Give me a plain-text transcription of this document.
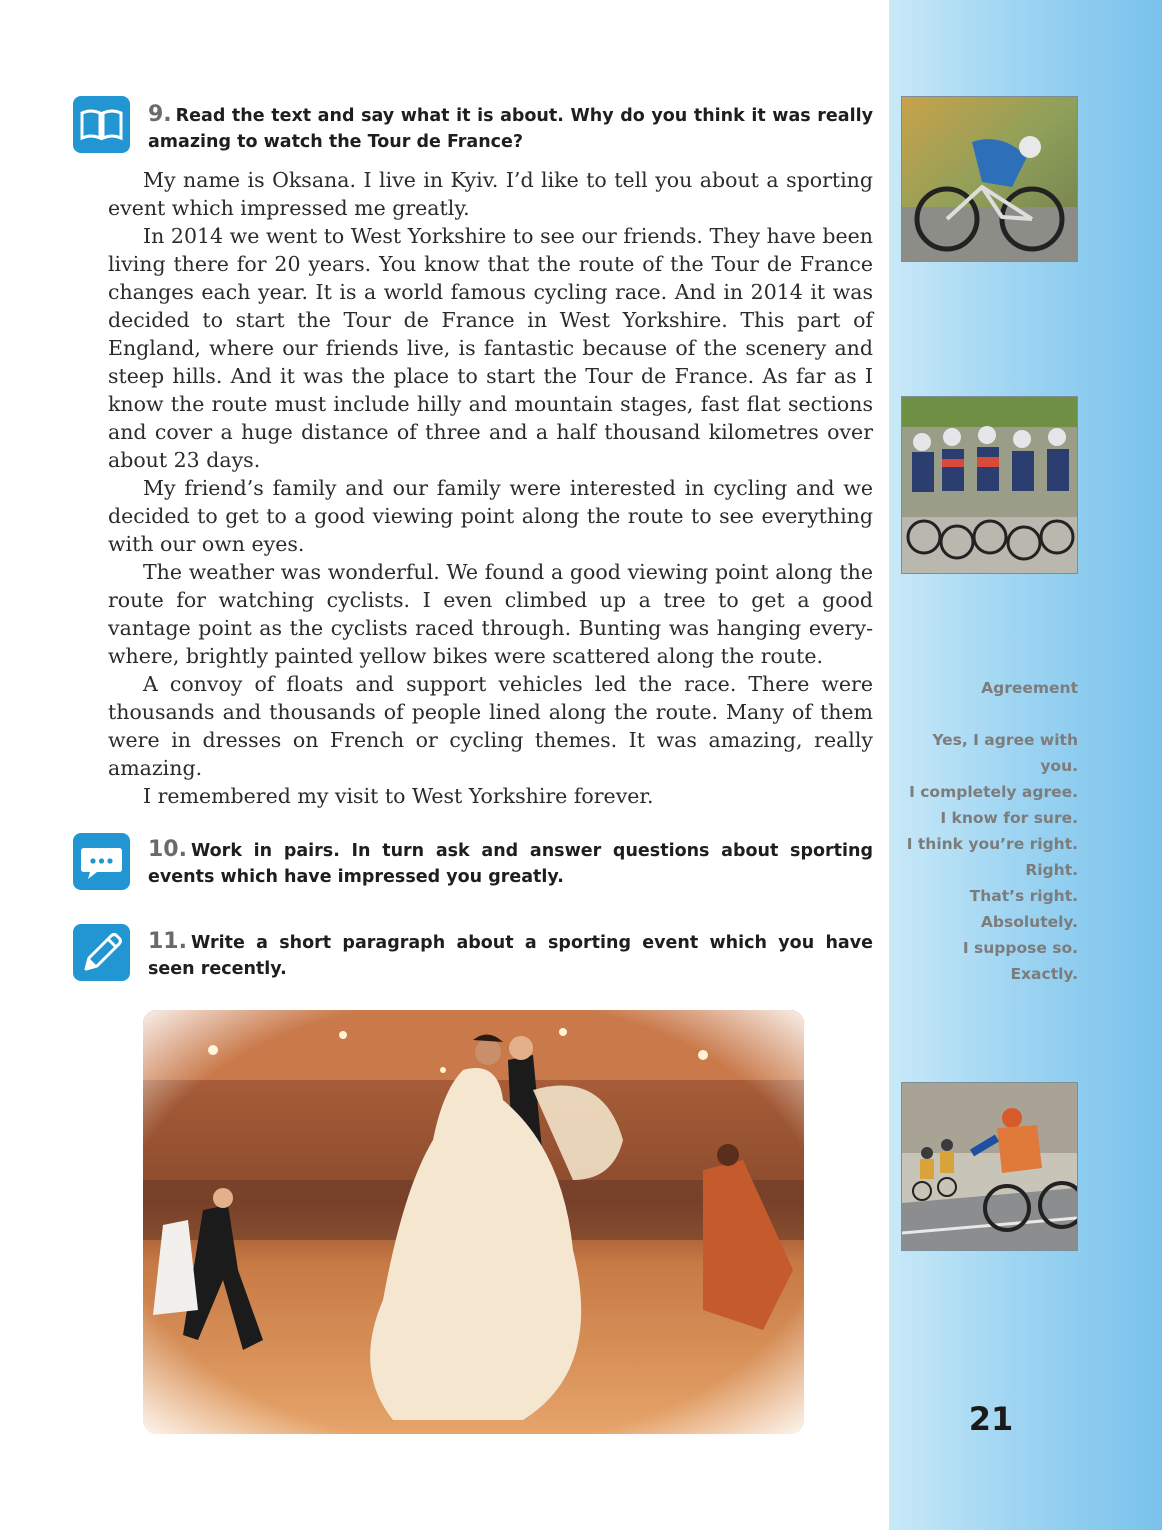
9. Read the text and say what it is about. Why do you think it was really amazing to watch the Tour de France?

My name is Oksana. I live in Kyiv. I’d like to tell you about a sporting event which impressed me greatly.

In 2014 we went to West Yorkshire to see our friends. They have been living there for 20 years. You know that the route of the Tour de France changes each year. It is a world famous cycling race. And in 2014 it was decided to start the Tour de France in West Yorkshire. This part of England, where our friends live, is fantastic because of the scenery and steep hills. And it was the place to start the Tour de France. As far as I know the route must include hilly and mountain stages, fast flat sections and cover a huge distance of three and a half thousand kilometres over about 23 days.

My friend’s family and our family were interested in cycling and we decided to get to a good viewing point along the route to see everything with our own eyes.

The weather was wonderful. We found a good viewing point along the route for watching cyclists. I even climbed up a tree to get a good vantage point as the cyclists raced through. Bunting was hanging every-where, brightly painted yellow bikes were scattered along the route.

A convoy of floats and support vehicles led the race. There were thousands and thousands of people lined along the route. Many of them were in dresses on French or cycling themes. It was amazing, really amazing.

I remembered my visit to West Yorkshire forever.

10. Work in pairs. In turn ask and answer questions about sporting events which have impressed you greatly.
11. Write a short paragraph about a sporting event which you have seen recently.
Agreement
Yes, I agree with
you.
I completely agree.
I know for sure.
I think you’re right.
Right.
That’s right.
Absolutely.
I suppose so.
Exactly.
21
